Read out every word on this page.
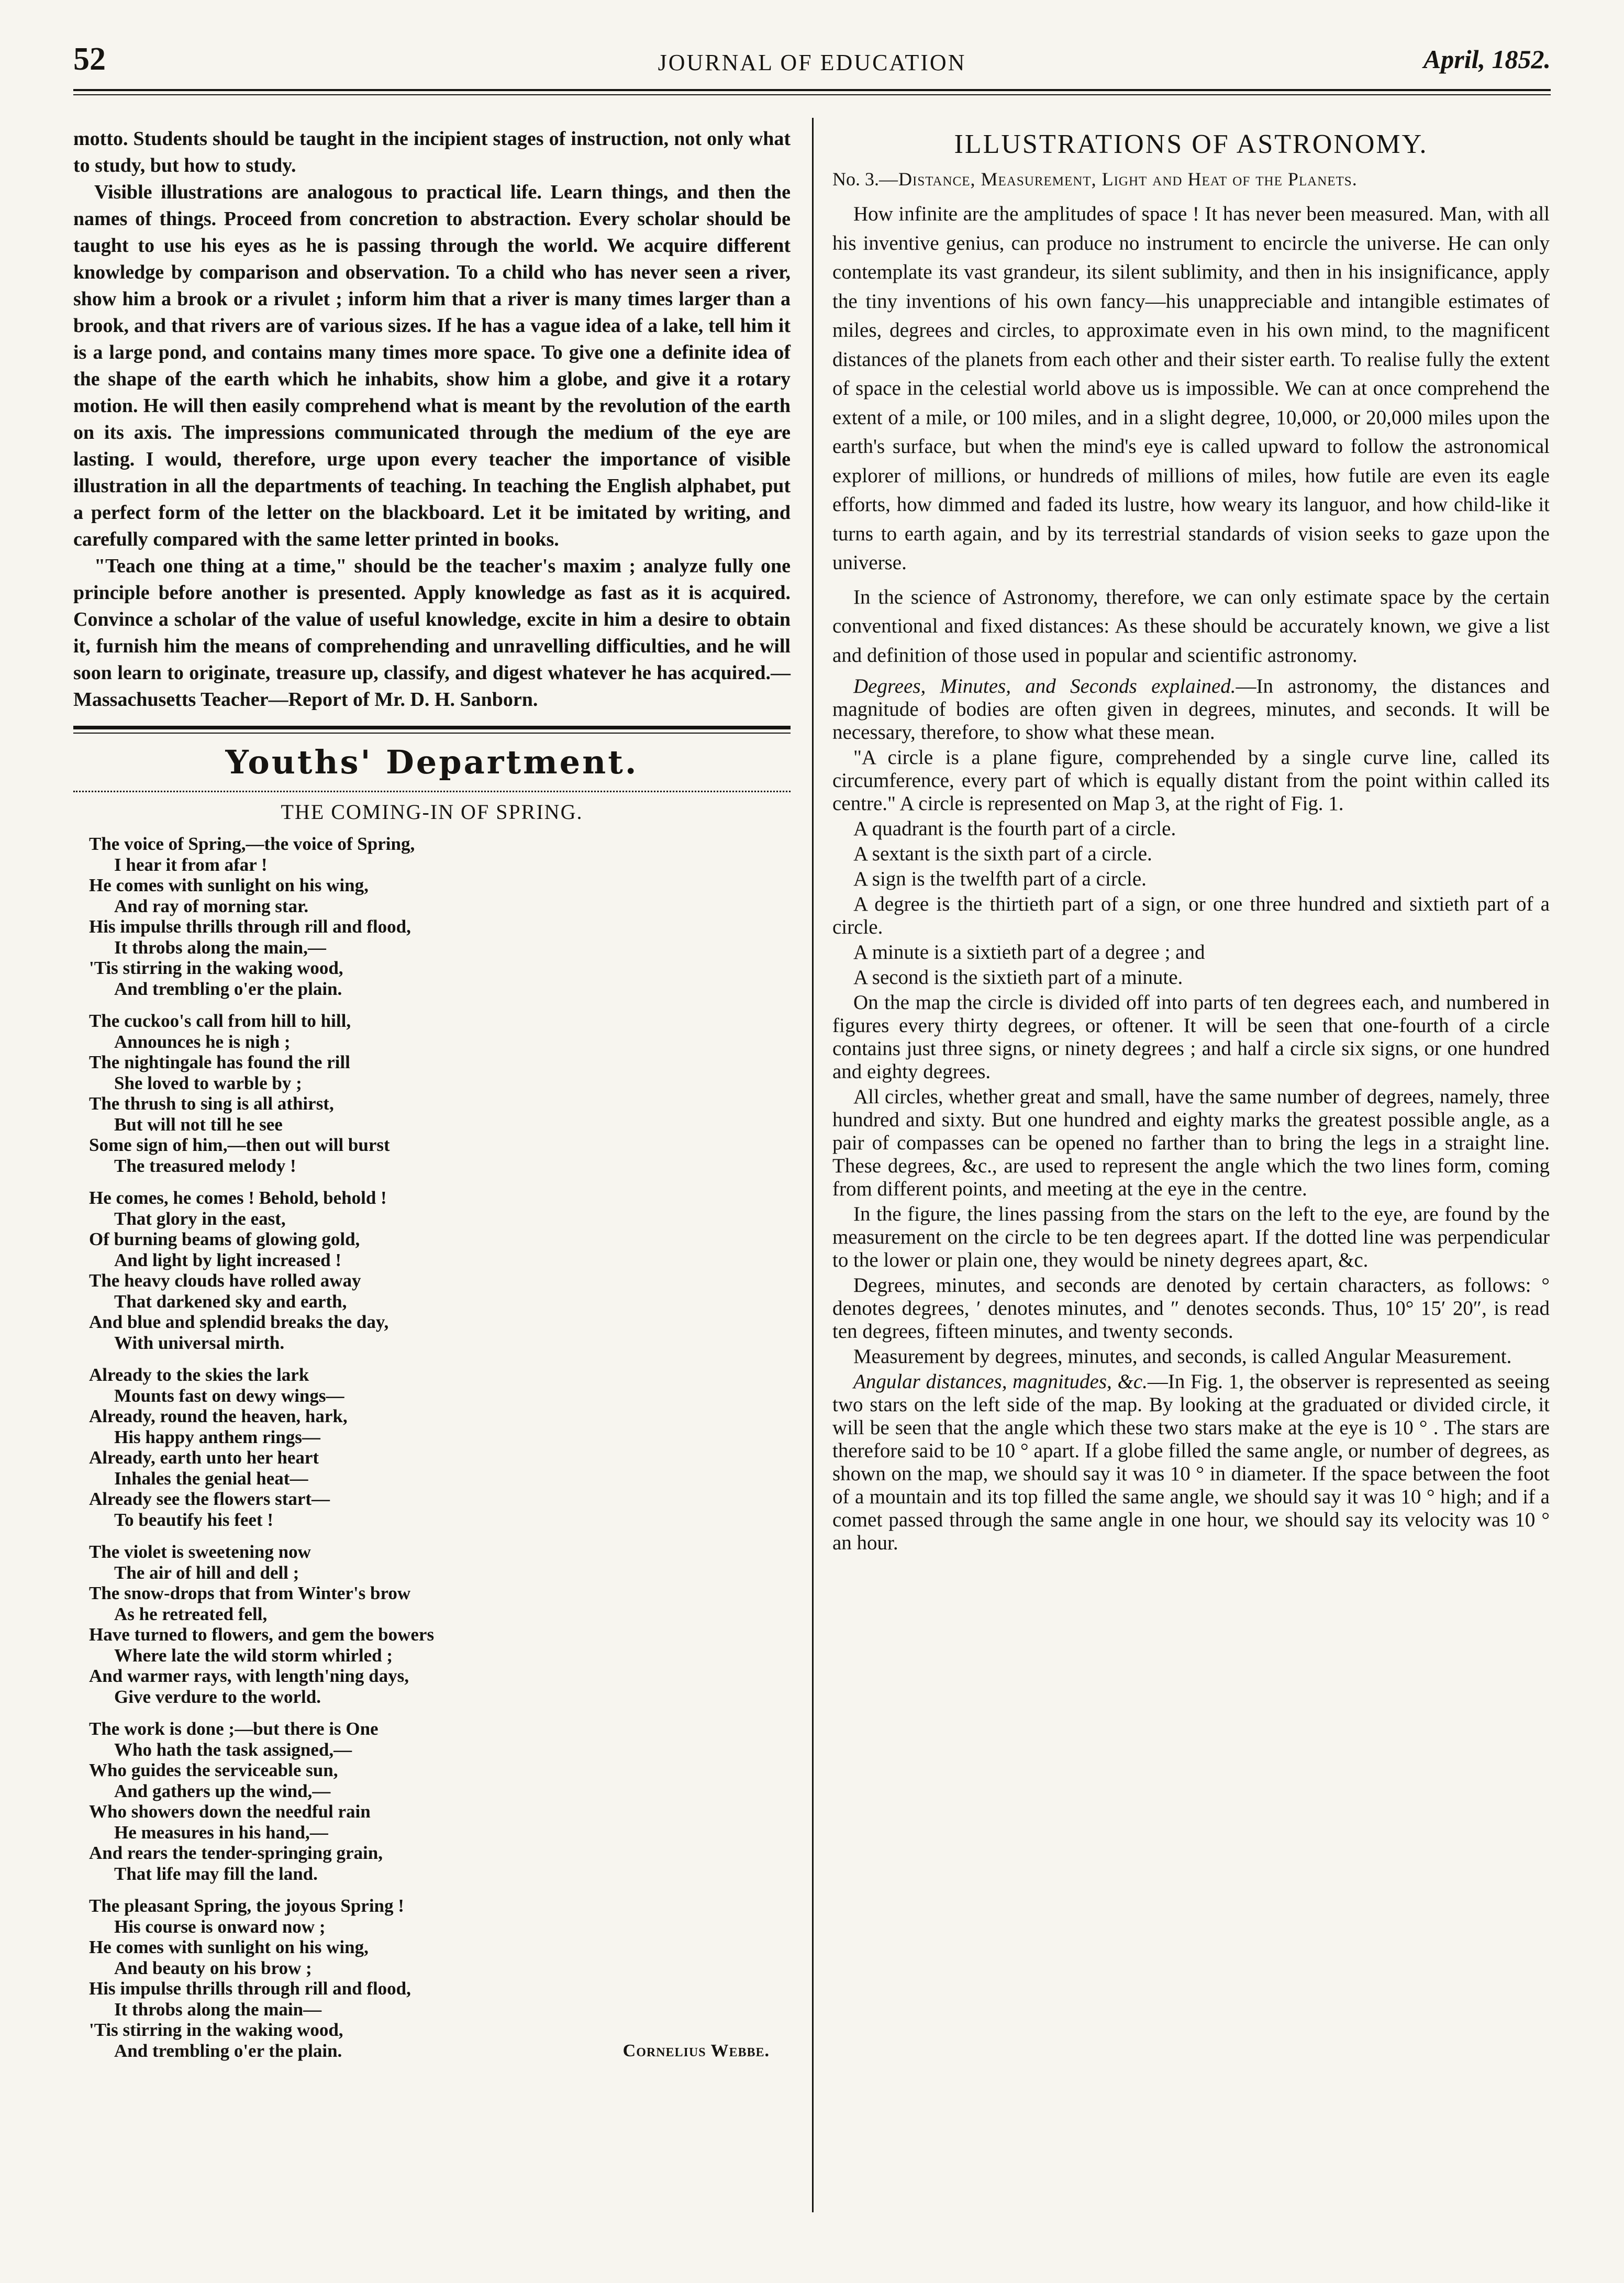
52	JOURNAL OF EDUCATION	April, 1852.

motto. Students should be taught in the incipient stages of instruction, not only what to study, but how to study.

Visible illustrations are analogous to practical life. Learn things, and then the names of things. Proceed from concretion to abstraction. Every scholar should be taught to use his eyes as he is passing through the world. We acquire different knowledge by comparison and observation. To a child who has never seen a river, show him a brook or a rivulet ; inform him that a river is many times larger than a brook, and that rivers are of various sizes. If he has a vague idea of a lake, tell him it is a large pond, and contains many times more space. To give one a definite idea of the shape of the earth which he inhabits, show him a globe, and give it a rotary motion. He will then easily comprehend what is meant by the revolution of the earth on its axis. The impressions communicated through the medium of the eye are lasting. I would, therefore, urge upon every teacher the importance of visible illustration in all the departments of teaching. In teaching the English alphabet, put a perfect form of the letter on the blackboard. Let it be imitated by writing, and carefully compared with the same letter printed in books.

"Teach one thing at a time," should be the teacher's maxim ; analyze fully one principle before another is presented. Apply knowledge as fast as it is acquired. Convince a scholar of the value of useful knowledge, excite in him a desire to obtain it, furnish him the means of comprehending and unravelling difficulties, and he will soon learn to originate, treasure up, classify, and digest whatever he has acquired.—Massachusetts Teacher—Report of Mr. D. H. Sanborn.

Youths' Department.

THE COMING-IN OF SPRING.

The voice of Spring,—the voice of Spring,

I hear it from afar !

He comes with sunlight on his wing,

And ray of morning star.

His impulse thrills through rill and flood,

It throbs along the main,—

'Tis stirring in the waking wood,

And trembling o'er the plain.

The cuckoo's call from hill to hill,

Announces he is nigh ;

The nightingale has found the rill

She loved to warble by ;

The thrush to sing is all athirst,

But will not till he see

Some sign of him,—then out will burst

The treasured melody !

He comes, he comes ! Behold, behold !

That glory in the east,

Of burning beams of glowing gold,

And light by light increased !

The heavy clouds have rolled away

That darkened sky and earth,

And blue and splendid breaks the day,

With universal mirth.

Already to the skies the lark

Mounts fast on dewy wings—

Already, round the heaven, hark,

His happy anthem rings—

Already, earth unto her heart

Inhales the genial heat—

Already see the flowers start—

To beautify his feet !

The violet is sweetening now

The air of hill and dell ;

The snow-drops that from Winter's brow

As he retreated fell,

Have turned to flowers, and gem the bowers

Where late the wild storm whirled ;

And warmer rays, with length'ning days,

Give verdure to the world.

The work is done ;—but there is One

Who hath the task assigned,—

Who guides the serviceable sun,

And gathers up the wind,—

Who showers down the needful rain

He measures in his hand,—

And rears the tender-springing grain,

That life may fill the land.

The pleasant Spring, the joyous Spring !

His course is onward now ;

He comes with sunlight on his wing,

And beauty on his brow ;

His impulse thrills through rill and flood,

It throbs along the main—

'Tis stirring in the waking wood,

And trembling o'er the plain.	Cornelius Webbe.

ILLUSTRATIONS OF ASTRONOMY.

No. 3.—Distance, Measurement, Light and Heat of the Planets.

How infinite are the amplitudes of space ! It has never been measured. Man, with all his inventive genius, can produce no instrument to encircle the universe. He can only contemplate its vast grandeur, its silent sublimity, and then in his insignificance, apply the tiny inventions of his own fancy—his unappreciable and intangible estimates of miles, degrees and circles, to approximate even in his own mind, to the magnificent distances of the planets from each other and their sister earth. To realise fully the extent of space in the celestial world above us is impossible. We can at once comprehend the extent of a mile, or 100 miles, and in a slight degree, 10,000, or 20,000 miles upon the earth's surface, but when the mind's eye is called upward to follow the astronomical explorer of millions, or hundreds of millions of miles, how futile are even its eagle efforts, how dimmed and faded its lustre, how weary its languor, and how child-like it turns to earth again, and by its terrestrial standards of vision seeks to gaze upon the universe.

In the science of Astronomy, therefore, we can only estimate space by the certain conventional and fixed distances: As these should be accurately known, we give a list and definition of those used in popular and scientific astronomy.

Degrees, Minutes, and Seconds explained.—In astronomy, the distances and magnitude of bodies are often given in degrees, minutes, and seconds. It will be necessary, therefore, to show what these mean.

"A circle is a plane figure, comprehended by a single curve line, called its circumference, every part of which is equally distant from the point within called its centre." A circle is represented on Map 3, at the right of Fig. 1.

A quadrant is the fourth part of a circle.

A sextant is the sixth part of a circle.

A sign is the twelfth part of a circle.

A degree is the thirtieth part of a sign, or one three hundred and sixtieth part of a circle.

A minute is a sixtieth part of a degree ; and

A second is the sixtieth part of a minute.

On the map the circle is divided off into parts of ten degrees each, and numbered in figures every thirty degrees, or oftener. It will be seen that one-fourth of a circle contains just three signs, or ninety degrees ; and half a circle six signs, or one hundred and eighty degrees.

All circles, whether great and small, have the same number of degrees, namely, three hundred and sixty. But one hundred and eighty marks the greatest possible angle, as a pair of compasses can be opened no farther than to bring the legs in a straight line. These degrees, &c., are used to represent the angle which the two lines form, coming from different points, and meeting at the eye in the centre.

In the figure, the lines passing from the stars on the left to the eye, are found by the measurement on the circle to be ten degrees apart. If the dotted line was perpendicular to the lower or plain one, they would be ninety degrees apart, &c.

Degrees, minutes, and seconds are denoted by certain characters, as follows: ° denotes degrees, ′ denotes minutes, and ″ denotes seconds. Thus, 10° 15′ 20″, is read ten degrees, fifteen minutes, and twenty seconds.

Measurement by degrees, minutes, and seconds, is called Angular Measurement.

Angular distances, magnitudes, &c.—In Fig. 1, the observer is represented as seeing two stars on the left side of the map. By looking at the graduated or divided circle, it will be seen that the angle which these two stars make at the eye is 10 ° . The stars are therefore said to be 10 ° apart. If a globe filled the same angle, or number of degrees, as shown on the map, we should say it was 10 ° in diameter. If the space between the foot of a mountain and its top filled the same angle, we should say it was 10 ° high; and if a comet passed through the same angle in one hour, we should say its velocity was 10 ° an hour.
